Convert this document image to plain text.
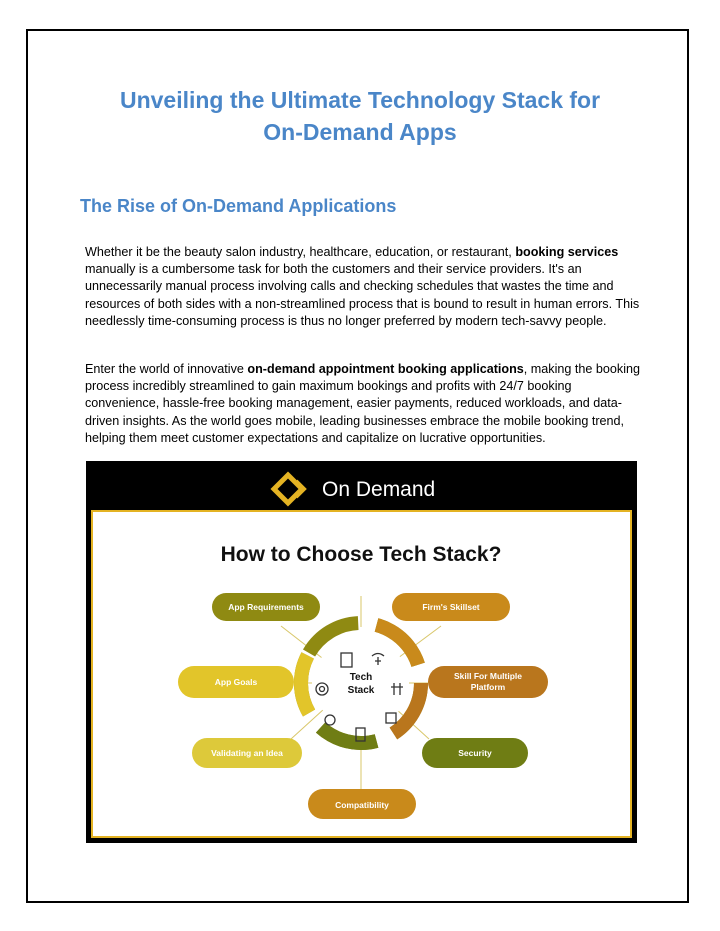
Unveiling the Ultimate Technology Stack for
On-Demand Apps
The Rise of On-Demand Applications

Whether it be the beauty salon industry, healthcare, education, or restaurant, booking services manually is a cumbersome task for both the customers and their service providers. It's an unnecessarily manual process involving calls and checking schedules that wastes the time and resources of both sides with a non-streamlined process that is bound to result in human errors. This needlessly time-consuming process is thus no longer preferred by modern tech-savvy people.

Enter the world of innovative on-demand appointment booking applications, making the booking process incredibly streamlined to gain maximum bookings and profits with 24/7 booking convenience, hassle-free booking management, easier payments, reduced workloads, and data-driven insights. As the world goes mobile, leading businesses embrace the mobile booking trend, helping them meet customer expectations and capitalize on lucrative opportunities.

On Demand
How to Choose Tech Stack?
Tech
Stack
App Requirements	Firm's Skillset
App Goals
Skill For Multiple
Platform
Validating an Idea	Security
Compatibility
